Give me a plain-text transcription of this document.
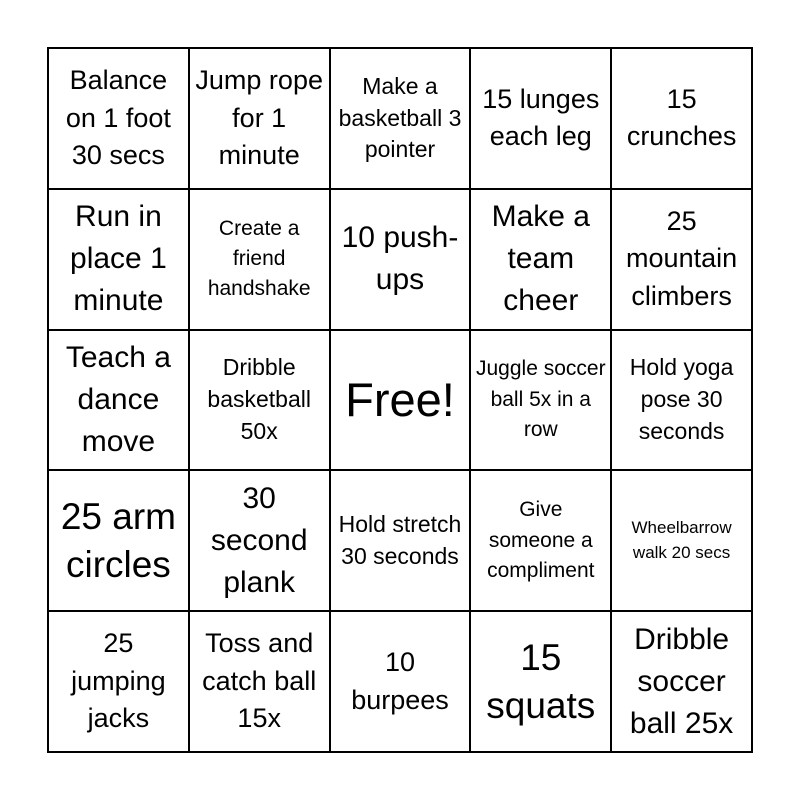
Balance on 1 foot 30 secs
Jump rope for 1 minute
Make a basketball 3 pointer
15 lunges each leg
15 crunches
Run in place 1 minute
Create a friend handshake
10 push-ups
Make a team cheer
25 mountain climbers
Teach a dance move
Dribble basketball 50x
Free!
Juggle soccer ball 5x in a row
Hold yoga pose 30 seconds
25 arm circles
30 second plank
Hold stretch 30 seconds
Give someone a compliment
Wheelbarrow walk 20 secs
25 jumping jacks
Toss and catch ball 15x
10 burpees
15 squats
Dribble soccer ball 25x
